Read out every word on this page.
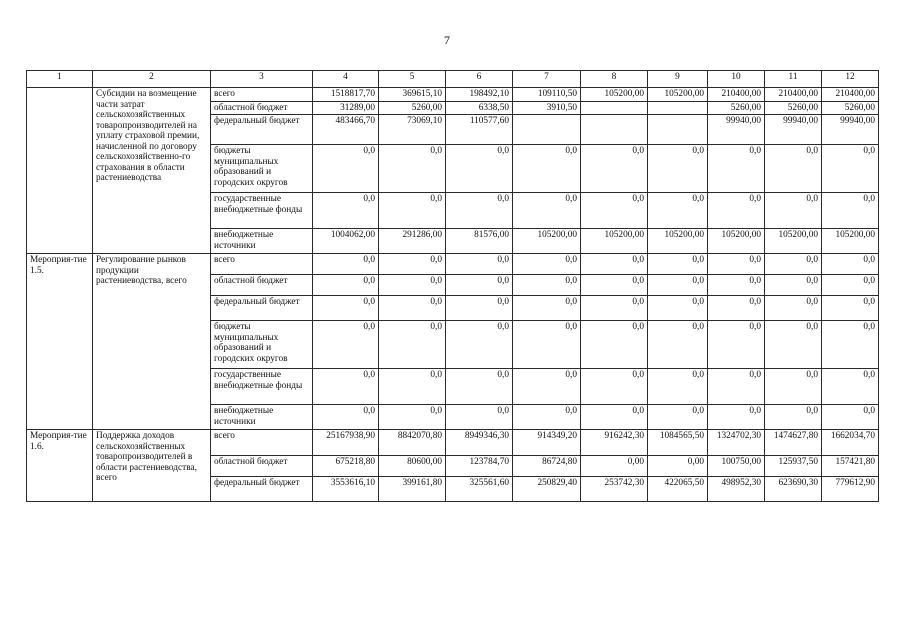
7
1	2	3	4	5	6	7	8	9	10	11	12
	Субсидии на возмещение части затрат сельскохозяйственных товаропроизводителей на уплату страховой премии, начисленной по договору сельскохозяйственно-го страхования в области растениеводства	всего	1518817,70	369615,10	198492,10	109110,50	105200,00	105200,00	210400,00	210400,00	210400,00
		областной бюджет	31289,00	5260,00	6338,50	3910,50			5260,00	5260,00	5260,00
		федеральный бюджет	483466,70	73069,10	110577,60				99940,00	99940,00	99940,00
		бюджеты муниципальных образований и городских округов	0,0	0,0	0,0	0,0	0,0	0,0	0,0	0,0	0,0
		государственные внебюджетные фонды	0,0	0,0	0,0	0,0	0,0	0,0	0,0	0,0	0,0
		внебюджетные источники	1004062,00	291286,00	81576,00	105200,00	105200,00	105200,00	105200,00	105200,00	105200,00
Мероприя-тие 1.5.	Регулирование рынков продукции растениеводства, всего	всего	0,0	0,0	0,0	0,0	0,0	0,0	0,0	0,0	0,0
		областной бюджет	0,0	0,0	0,0	0,0	0,0	0,0	0,0	0,0	0,0
		федеральный бюджет	0,0	0,0	0,0	0,0	0,0	0,0	0,0	0,0	0,0
		бюджеты муниципальных образований и городских округов	0,0	0,0	0,0	0,0	0,0	0,0	0,0	0,0	0,0
		государственные внебюджетные фонды	0,0	0,0	0,0	0,0	0,0	0,0	0,0	0,0	0,0
		внебюджетные источники	0,0	0,0	0,0	0,0	0,0	0,0	0,0	0,0	0,0
Мероприя-тие 1.6.	Поддержка доходов сельскохозяйственных товаропроизводителей в области растениеводства, всего	всего	25167938,90	8842070,80	8949346,30	914349,20	916242,30	1084565,50	1324702,30	1474627,80	1662034,70
		областной бюджет	675218,80	80600,00	123784,70	86724,80	0,00	0,00	100750,00	125937,50	157421,80
		федеральный бюджет	3553616,10	399161,80	325561,60	250829,40	253742,30	422065,50	498952,30	623690,30	779612,90
